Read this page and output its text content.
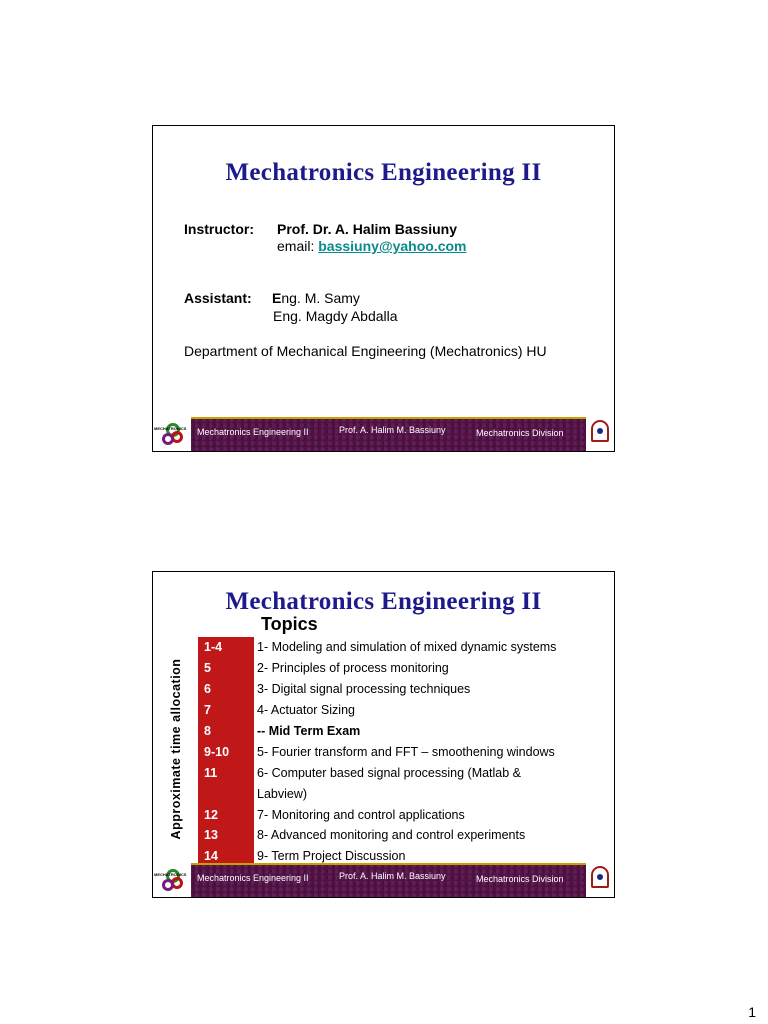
Mechatronics Engineering II
Instructor: Prof. Dr. A. Halim Bassiuny
email: bassiuny@yahoo.com
Assistant: Eng. M. Samy
Eng. Magdy Abdalla
Department of Mechanical Engineering (Mechatronics) HU
MECHATRONICS Mechatronics Engineering II	Prof. A. Halim M. Bassiuny	Mechatronics Division
Mechatronics Engineering II
Topics
Approximate time allocation
1-4	1- Modeling and simulation of mixed dynamic systems
5	2- Principles of process monitoring
6	3- Digital signal processing techniques
7	4- Actuator Sizing
8	-- Mid Term Exam
9-10 5- Fourier transform and FFT – smoothening windows
11	6- Computer based signal processing (Matlab &
Labview)
12	7- Monitoring and control applications
13	8- Advanced monitoring and control experiments
14	9- Term Project Discussion
MECHATRONICS Mechatronics Engineering II	Prof. A. Halim M. Bassiuny	Mechatronics Division
1
